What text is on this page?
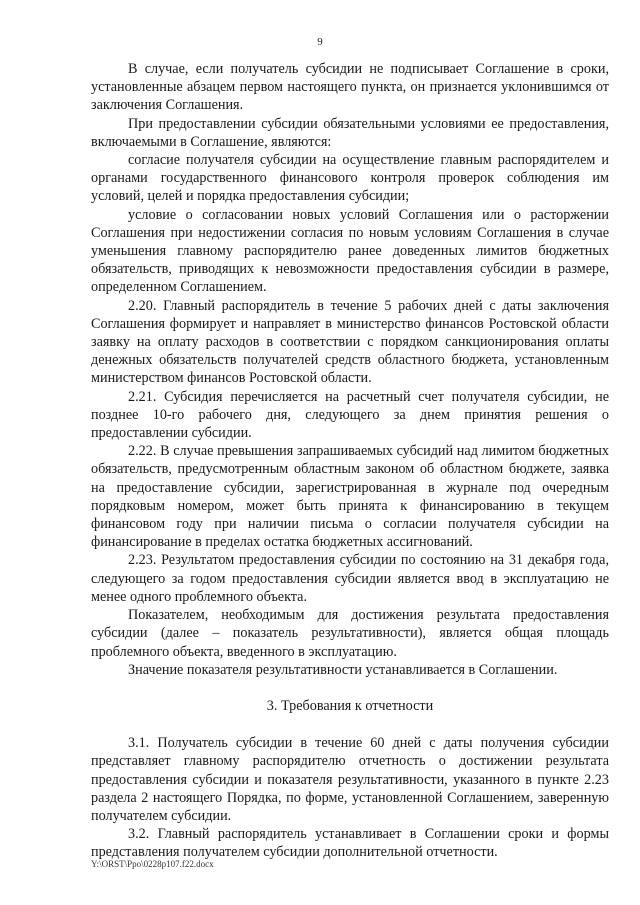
9

В случае, если получатель субсидии не подписывает Соглашение в сроки, установленные абзацем первом настоящего пункта, он признается уклонившимся от заключения Соглашения.

При предоставлении субсидии обязательными условиями ее предоставления, включаемыми в Соглашение, являются:

согласие получателя субсидии на осуществление главным распорядителем и органами государственного финансового контроля проверок соблюдения им условий, целей и порядка предоставления субсидии;

условие о согласовании новых условий Соглашения или о расторжении Соглашения при недостижении согласия по новым условиям Соглашения в случае уменьшения главному распорядителю ранее доведенных лимитов бюджетных обязательств, приводящих к невозможности предоставления субсидии в размере, определенном Соглашением.

2.20. Главный распорядитель в течение 5 рабочих дней с даты заключения Соглашения формирует и направляет в министерство финансов Ростовской области заявку на оплату расходов в соответствии с порядком санкционирования оплаты денежных обязательств получателей средств областного бюджета, установленным министерством финансов Ростовской области.

2.21. Субсидия перечисляется на расчетный счет получателя субсидии, не позднее 10-го рабочего дня, следующего за днем принятия решения о предоставлении субсидии.

2.22. В случае превышения запрашиваемых субсидий над лимитом бюджетных обязательств, предусмотренным областным законом об областном бюджете, заявка на предоставление субсидии, зарегистрированная в журнале под очередным порядковым номером, может быть принята к финансированию в текущем финансовом году при наличии письма о согласии получателя субсидии на финансирование в пределах остатка бюджетных ассигнований.

2.23. Результатом предоставления субсидии по состоянию на 31 декабря года, следующего за годом предоставления субсидии является ввод в эксплуатацию не менее одного проблемного объекта.

Показателем, необходимым для достижения результата предоставления субсидии (далее – показатель результативности), является общая площадь проблемного объекта, введенного в эксплуатацию.

Значение показателя результативности устанавливается в Соглашении.

3. Требования к отчетности

3.1. Получатель субсидии в течение 60 дней с даты получения субсидии представляет главному распорядителю отчетность о достижении результата предоставления субсидии и показателя результативности, указанного в пункте 2.23 раздела 2 настоящего Порядка, по форме, установленной Соглашением, заверенную получателем субсидии.

3.2. Главный распорядитель устанавливает в Соглашении сроки и формы представления получателем субсидии дополнительной отчетности.

Y:\ORST\Ppo\0228p107.f22.docx
